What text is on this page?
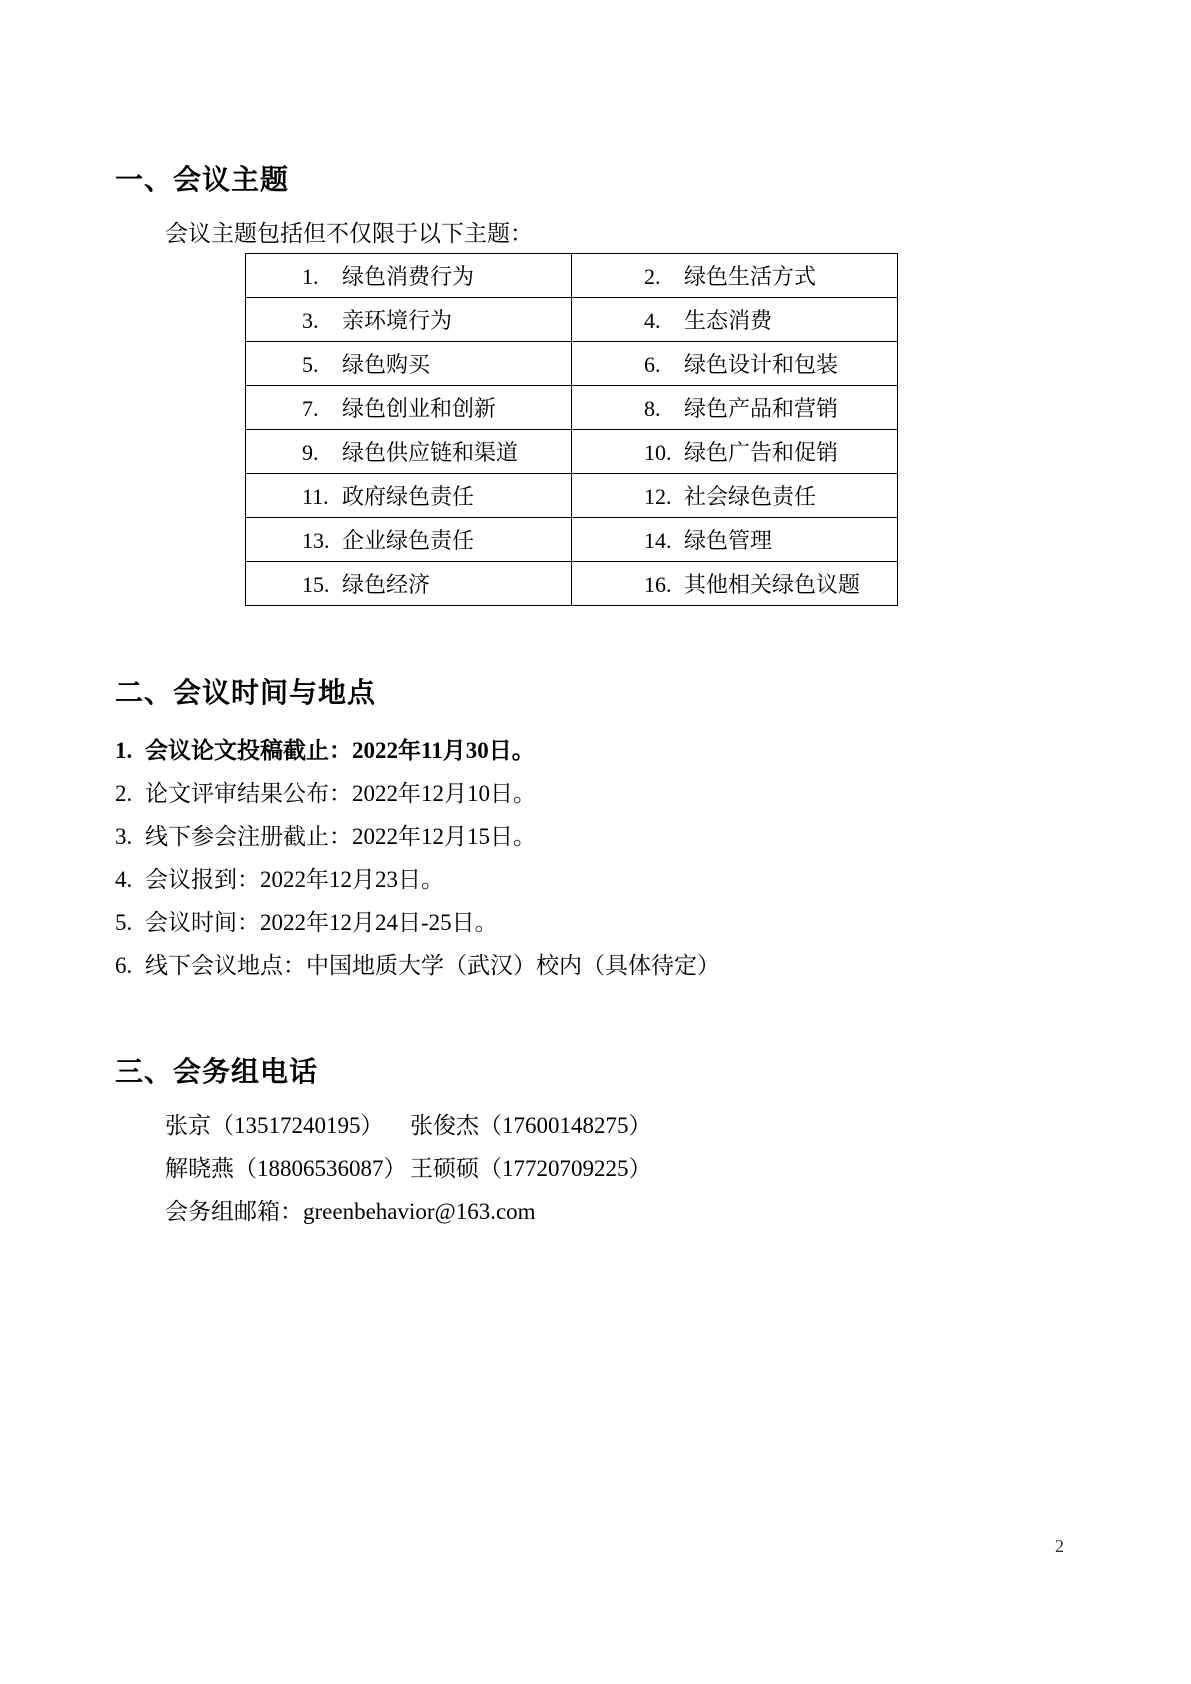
一、会议主题

会议主题包括但不仅限于以下主题：

1. 绿色消费行为	2. 绿色生活方式
3. 亲环境行为	4. 生态消费
5. 绿色购买	6. 绿色设计和包装
7. 绿色创业和创新	8. 绿色产品和营销
9. 绿色供应链和渠道	10. 绿色广告和促销
11. 政府绿色责任	12. 社会绿色责任
13. 企业绿色责任	14. 绿色管理
15. 绿色经济	16. 其他相关绿色议题
二、会议时间与地点
1. 会议论文投稿截止：2022年11月30日。
2. 论文评审结果公布：2022年12月10日。
3. 线下参会注册截止：2022年12月15日。
4. 会议报到：2022年12月23日。
5. 会议时间：2022年12月24日-25日。
6. 线下会议地点：中国地质大学（武汉）校内（具体待定）
三、会务组电话
张京（13517240195） 张俊杰（17600148275）
解晓燕（18806536087） 王硕硕（17720709225）

会务组邮箱：greenbehavior@163.com

2
